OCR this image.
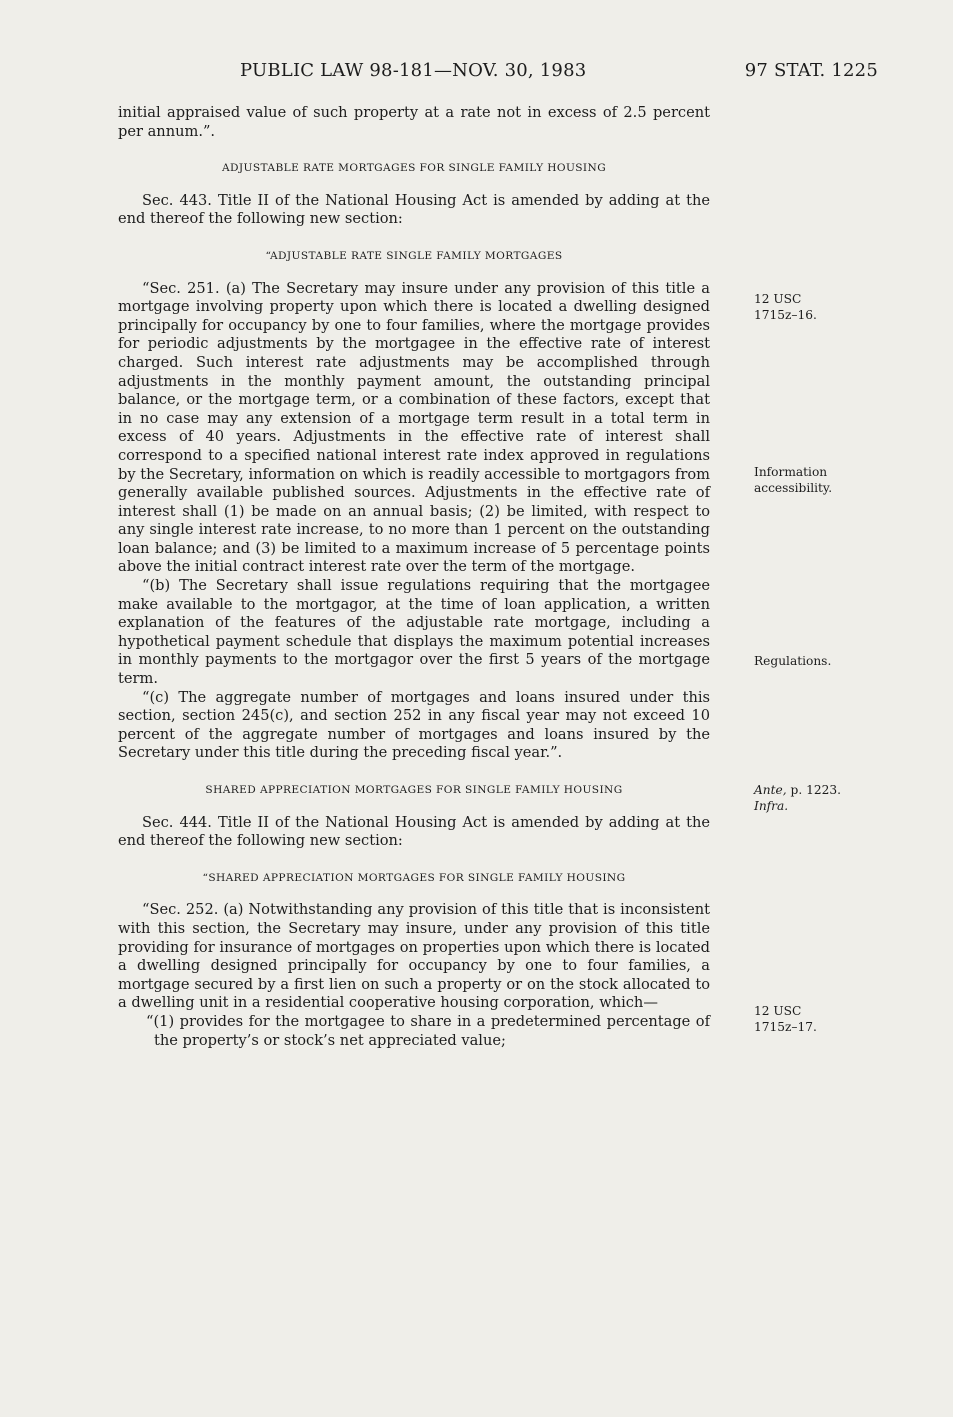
PUBLIC LAW 98-181—NOV. 30, 1983	97 STAT. 1225

initial appraised value of such property at a rate not in excess of 2.5 percent per annum.”.

ADJUSTABLE RATE MORTGAGES FOR SINGLE FAMILY HOUSING

Sec. 443. Title II of the National Housing Act is amended by adding at the end thereof the following new section:

“ADJUSTABLE RATE SINGLE FAMILY MORTGAGES

“Sec. 251. (a) The Secretary may insure under any provision of this title a mortgage involving property upon which there is located a dwelling designed principally for occupancy by one to four families, where the mortgage provides for periodic adjustments by the mortgagee in the effective rate of interest charged. Such interest rate adjustments may be accomplished through adjustments in the monthly payment amount, the outstanding principal balance, or the mortgage term, or a combination of these factors, except that in no case may any extension of a mortgage term result in a total term in excess of 40 years. Adjustments in the effective rate of interest shall correspond to a specified national interest rate index approved in regulations by the Secretary, information on which is readily accessible to mortgagors from generally available published sources. Adjustments in the effective rate of interest shall (1) be made on an annual basis; (2) be limited, with respect to any single interest rate increase, to no more than 1 percent on the outstanding loan balance; and (3) be limited to a maximum increase of 5 percentage points above the initial contract interest rate over the term of the mortgage.

“(b) The Secretary shall issue regulations requiring that the mortgagee make available to the mortgagor, at the time of loan application, a written explanation of the features of the adjustable rate mortgage, including a hypothetical payment schedule that displays the maximum potential increases in monthly payments to the mortgagor over the first 5 years of the mortgage term.

“(c) The aggregate number of mortgages and loans insured under this section, section 245(c), and section 252 in any fiscal year may not exceed 10 percent of the aggregate number of mortgages and loans insured by the Secretary under this title during the preceding fiscal year.”.

SHARED APPRECIATION MORTGAGES FOR SINGLE FAMILY HOUSING

Sec. 444. Title II of the National Housing Act is amended by adding at the end thereof the following new section:

“SHARED APPRECIATION MORTGAGES FOR SINGLE FAMILY HOUSING

“Sec. 252. (a) Notwithstanding any provision of this title that is inconsistent with this section, the Secretary may insure, under any provision of this title providing for insurance of mortgages on properties upon which there is located a dwelling designed principally for occupancy by one to four families, a mortgage secured by a first lien on such a property or on the stock allocated to a dwelling unit in a residential cooperative housing corporation, which—

“(1) provides for the mortgagee to share in a predetermined percentage of the property’s or stock’s net appreciated value;

12 USC
1715z–16.
Information
accessibility.
Regulations.
Ante, p. 1223.
Infra.
12 USC
1715z–17.
